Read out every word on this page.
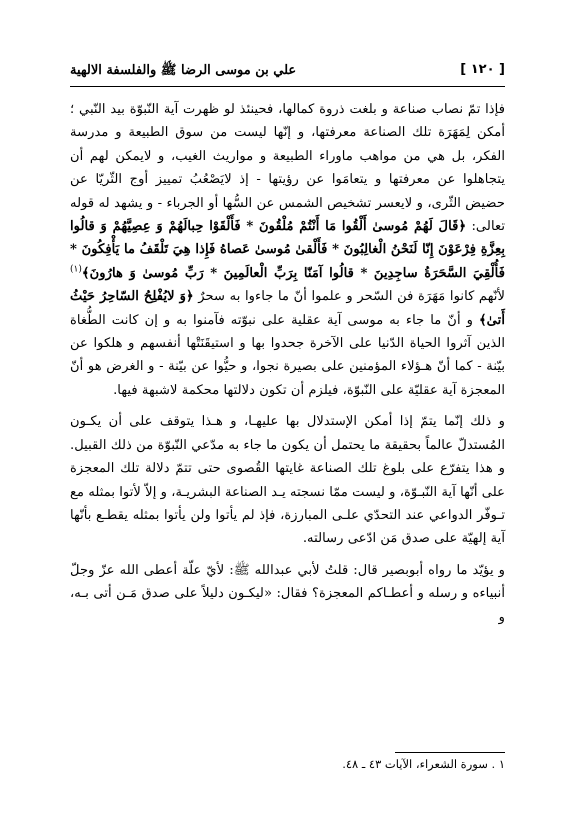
[ ١٢٠ ]
علي بن موسى الرضا ﷺ والفلسفة الالهية

فإذا تمّ نصاب صناعة و بلغت ذروة كمالها، فحينئذ لو ظهرت آية النّبوّة بيد النّبي ؛ أمكن لِمَهَرَة تلك الصناعة معرفتها، و إنّها ليست من سوق الطبيعة و مدرسة الفكر، بل هي من مواهب ماوراء الطبيعة و مواريث الغيب، و لايمكن لهم أن يتجاهلوا عن معرفتها و يتعامَوا عن رؤيتها - إذ لايَصْعُبُ تمييز أوج الثّريّا عن حضيض الثّرى، و لايعسر تشخيص الشمس عن السُّها أو الجرباء - و يشهد له قوله تعالى: ﴿قَالَ لَهُمْ مُوسىٰ أَلْقُوا مَا أَنْتُمْ مُلْقُونَ * فَأَلْقَوْا حِبالَهُمْ وَ عِصِيَّهُمْ وَ قالُوا بِعِزَّةِ فِرْعَوْنَ إِنّا لَنَحْنُ الْغالِبُونَ * فَأَلْقىٰ مُوسىٰ عَصاهُ فَإِذا هِيَ تَلْقَفُ ما يَأْفِكُونَ * فَأُلْقِيَ السَّحَرَةُ ساجِدِينَ * قالُوا آمَنّا بِرَبِّ الْعالَمِينَ * رَبِّ مُوسىٰ وَ هارُونَ﴾$^{(١)}$ لأنّهم كانوا مَهَرَة فن السّحر و علموا أنّ ما جاءوا به سحرٌ ﴿وَ لايُفْلِحُ السّاحِرُ حَيْثُ أَتىٰ﴾ و أنّ ما جاء به موسى آية عقلية على نبوّته فآمنوا به و إن كانت الطُّغاة الذين آثروا الحياة الدّنيا على الآخرة جحدوا بها و استيقَنَتْها أنفسهم و هلكوا عن بيّنة - كما أنّ هـؤلاء المؤمنين على بصيرة نجوا، و حيُّوا عن بيّنة - و الغرض هو أنّ المعجزة آية عقليّة على النّبوّة، فيلزم أن تكون دلالتها محكمة لاشبهة فيها.

و ذلك إنّما يتمّ إذا أمكن الإستدلال بها عليهـا، و هـذا يتوقف على أن يكـون المُستدلّ عالماً بحقيقة ما يحتمل أن يكون ما جاء به مدّعي النّبوّة من ذلك القبيل. و هذا يتفرّع على بلوغ تلك الصناعة غايتها القُصوى حتى تتمّ دلالة تلك المعجزة على أنّها آية النّبـوّة، و ليست ممّا نسجته يـد الصناعة البشريـة، و إلاّ لأتوا بمثله مع تـوفّر الدواعي عند التحدّي علـى المبارزة، فإذ لم يأتوا ولن يأتوا بمثله يقطـع بأنّها آية إلهيّة على صدق مَن ادّعى رسالته.

و يؤيّد ما رواه أبوبصير قال: قلتُ لأبي عبدالله ﷺ: لأيّ علّة أعطى الله عزّ وجلّ أنبياءه و رسله و أعطـاكم المعجزة؟ فقال: «ليكـون دليلاً على صدق مَـن أتى بـه، و

١ . سورة الشعراء، الآيات ٤٣ ـ ٤٨.
